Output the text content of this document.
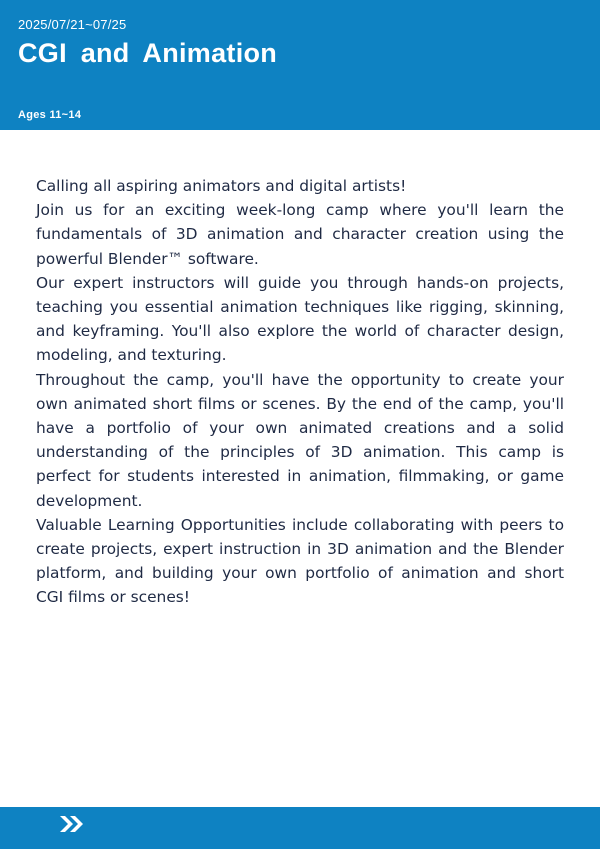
2025/07/21~07/25
CGI and Animation
Ages 11~14

Calling all aspiring animators and digital artists!

Join us for an exciting week-long camp where you'll learn the fundamentals of 3D animation and character creation using the powerful Blender™ software.

Our expert instructors will guide you through hands-on projects, teaching you essential animation techniques like rigging, skinning, and keyframing. You'll also explore the world of character design, modeling, and texturing.

Throughout the camp, you'll have the opportunity to create your own animated short films or scenes. By the end of the camp, you'll have a portfolio of your own animated creations and a solid understanding of the principles of 3D animation. This camp is perfect for students interested in animation, filmmaking, or game development.

Valuable Learning Opportunities include collaborating with peers to create projects, expert instruction in 3D animation and the Blender platform, and building your own portfolio of animation and short CGI films or scenes!
